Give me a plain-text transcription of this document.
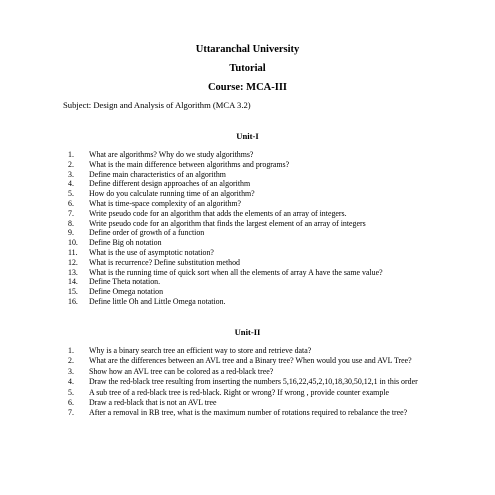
Uttaranchal University
Tutorial
Course: MCA-III
Subject: Design and Analysis of Algorithm (MCA 3.2)
Unit-I
1.	What are algorithms? Why do we study algorithms?
2.	What is the main difference between algorithms and programs?
3.	Define main characteristics of an algorithm
4.	Define different design approaches of an algorithm
5.	How do you calculate running time of an algorithm?
6.	What is time-space complexity of an algorithm?
7.	Write pseudo code for an algorithm that adds the elements of an array of integers.
8.	Write pseudo code for an algorithm that finds the largest element of an array of integers
9.	Define order of growth of a function
10.	Define Big oh notation
11.	What is the use of asymptotic notation?
12.	What is recurrence? Define substitution method
13.	What is the running time of quick sort when all the elements of array A have the same value?
14.	Define Theta notation.
15.	Define Omega notation
16.	Define little Oh and Little Omega notation.
Unit-II
1.	Why is a binary search tree an efficient way to store and retrieve data?
2.	What are the differences between an AVL tree and a Binary tree? When would you use and AVL Tree?
3.	Show how an AVL tree can be colored as a red-black tree?
4.	Draw the red-black tree resulting from inserting the numbers 5,16,22,45,2,10,18,30,50,12,1 in this order
5.	A sub tree of a red-black tree is red-black. Right or wrong? If wrong , provide counter example
6.	Draw a red-black that is not an AVL tree
7.	After a removal in RB tree, what is the maximum number of rotations required to rebalance the tree?
